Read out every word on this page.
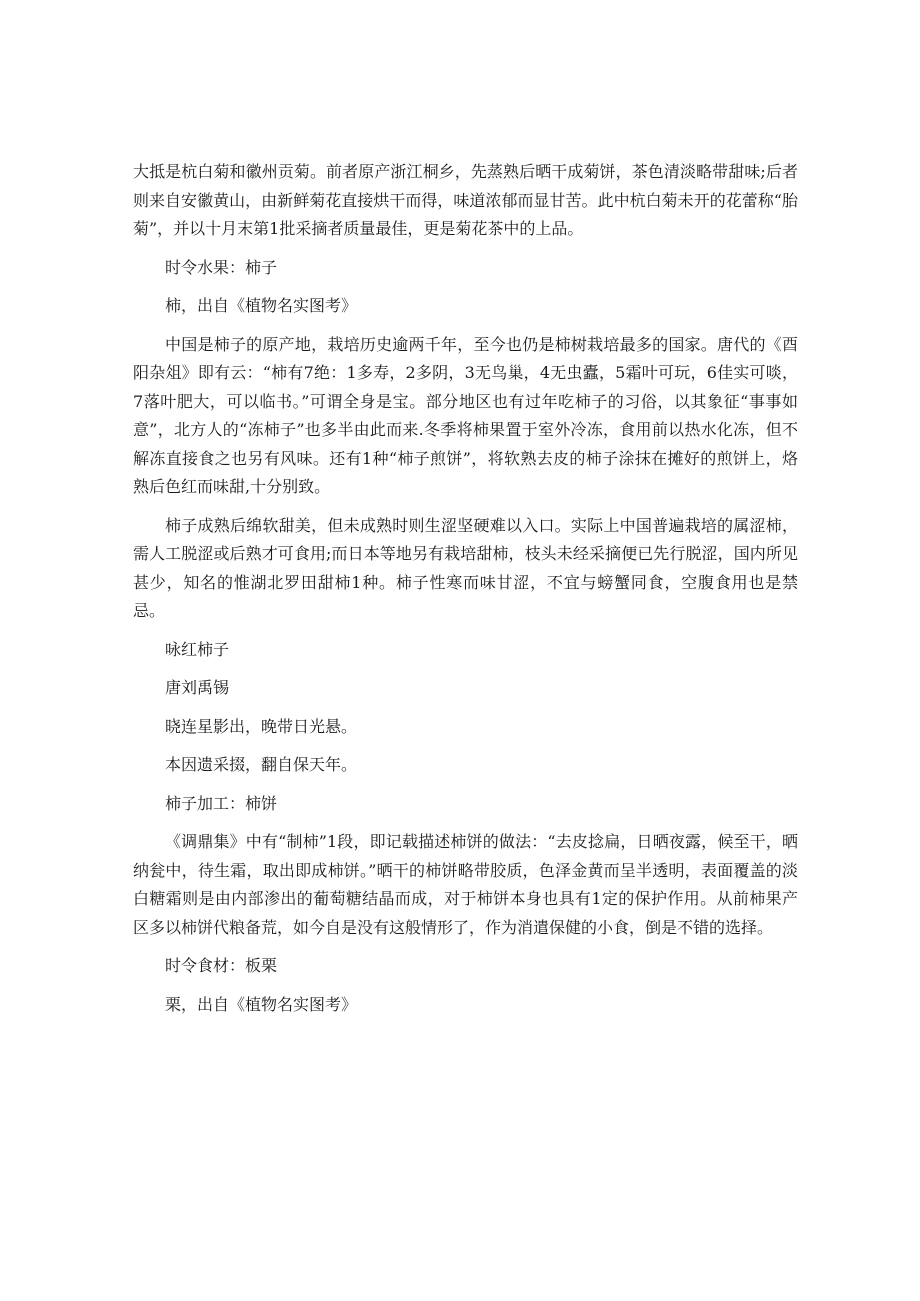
大抵是杭白菊和徽州贡菊。前者原产浙江桐乡，先蒸熟后晒干成菊饼，茶色清淡略带甜味;后者则来自安徽黄山，由新鲜菊花直接烘干而得，味道浓郁而显甘苦。此中杭白菊未开的花蕾称“胎菊”，并以十月末第1批采摘者质量最佳，更是菊花茶中的上品。

时令水果：柿子

柿，出自《植物名实图考》

中国是柿子的原产地，栽培历史逾两千年，至今也仍是柿树栽培最多的国家。唐代的《酉阳杂俎》即有云：“柿有7绝：1多寿，2多阴，3无鸟巢，4无虫蠹，5霜叶可玩，6佳实可啖，7落叶肥大，可以临书。”可谓全身是宝。部分地区也有过年吃柿子的习俗，以其象征“事事如意”，北方人的“冻柿子”也多半由此而来.冬季将柿果置于室外冷冻，食用前以热水化冻，但不解冻直接食之也另有风味。还有1种“柿子煎饼”，将软熟去皮的柿子涂抹在摊好的煎饼上，烙熟后色红而味甜,十分别致。

柿子成熟后绵软甜美，但未成熟时则生涩坚硬难以入口。实际上中国普遍栽培的属涩柿，需人工脱涩或后熟才可食用;而日本等地另有栽培甜柿，枝头未经采摘便已先行脱涩，国内所见甚少，知名的惟湖北罗田甜柿1种。柿子性寒而味甘涩，不宜与螃蟹同食，空腹食用也是禁忌。

咏红柿子

唐刘禹锡

晓连星影出，晚带日光悬。

本因遗采掇，翻自保天年。

柿子加工：柿饼

《调鼎集》中有“制柿”1段，即记载描述柿饼的做法：“去皮捻扁，日晒夜露，候至干，晒纳瓮中，待生霜，取出即成柿饼。”晒干的柿饼略带胶质，色泽金黄而呈半透明，表面覆盖的淡白糖霜则是由内部渗出的葡萄糖结晶而成，对于柿饼本身也具有1定的保护作用。从前柿果产区多以柿饼代粮备荒，如今自是没有这般情形了，作为消遣保健的小食，倒是不错的选择。

时令食材：板栗

栗，出自《植物名实图考》
